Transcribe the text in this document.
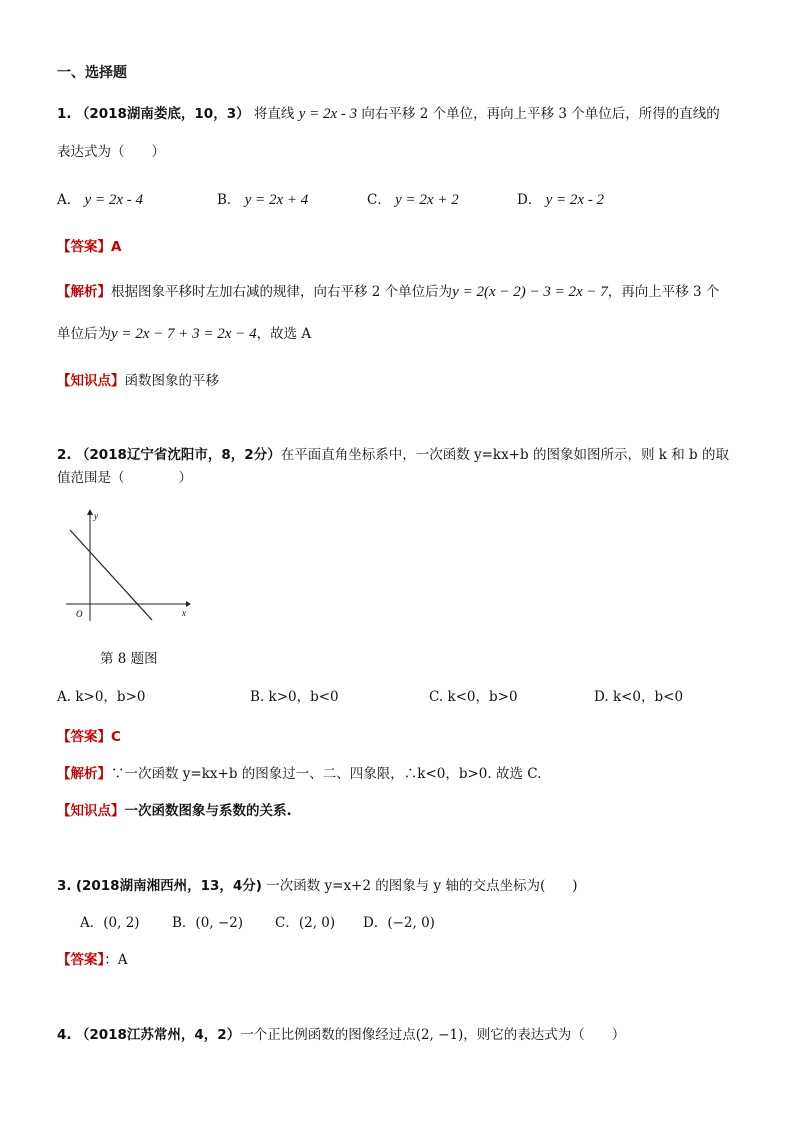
一、选择题
1. （2018湖南娄底，10，3） 将直线 y = 2x - 3 向右平移 2 个单位，再向上平移 3 个单位后，所得的直线的
表达式为（　　）
A． y = 2x - 4	B． y = 2x + 4	C． y = 2x + 2	D． y = 2x - 2
【答案】A
【解析】根据图象平移时左加右减的规律，向右平移 2 个单位后为y = 2(x − 2) − 3 = 2x − 7，再向上平移 3 个
单位后为y = 2x − 7 + 3 = 2x − 4，故选 A
【知识点】函数图象的平移
2. （2018辽宁省沈阳市，8，2分）在平面直角坐标系中，一次函数 y=kx+b 的图象如图所示，则 k 和 b 的取
值范围是（　　　　）
y
x
O
第 8 题图
A. k>0，b>0	B. k>0，b<0	C. k<0，b>0	D. k<0，b<0
【答案】C
【解析】∵一次函数 y=kx+b 的图象过一、二、四象限，∴k<0，b>0. 故选 C.
【知识点】一次函数图象与系数的关系.
3. (2018湖南湘西州，13，4分) 一次函数 y=x+2 的图象与 y 轴的交点坐标为(　　)
A．(0, 2) B．(0, −2) C．(2, 0) D．(−2, 0)
【答案】：A
4. （2018江苏常州，4，2）一个正比例函数的图像经过点(2, −1)，则它的表达式为（　　）
